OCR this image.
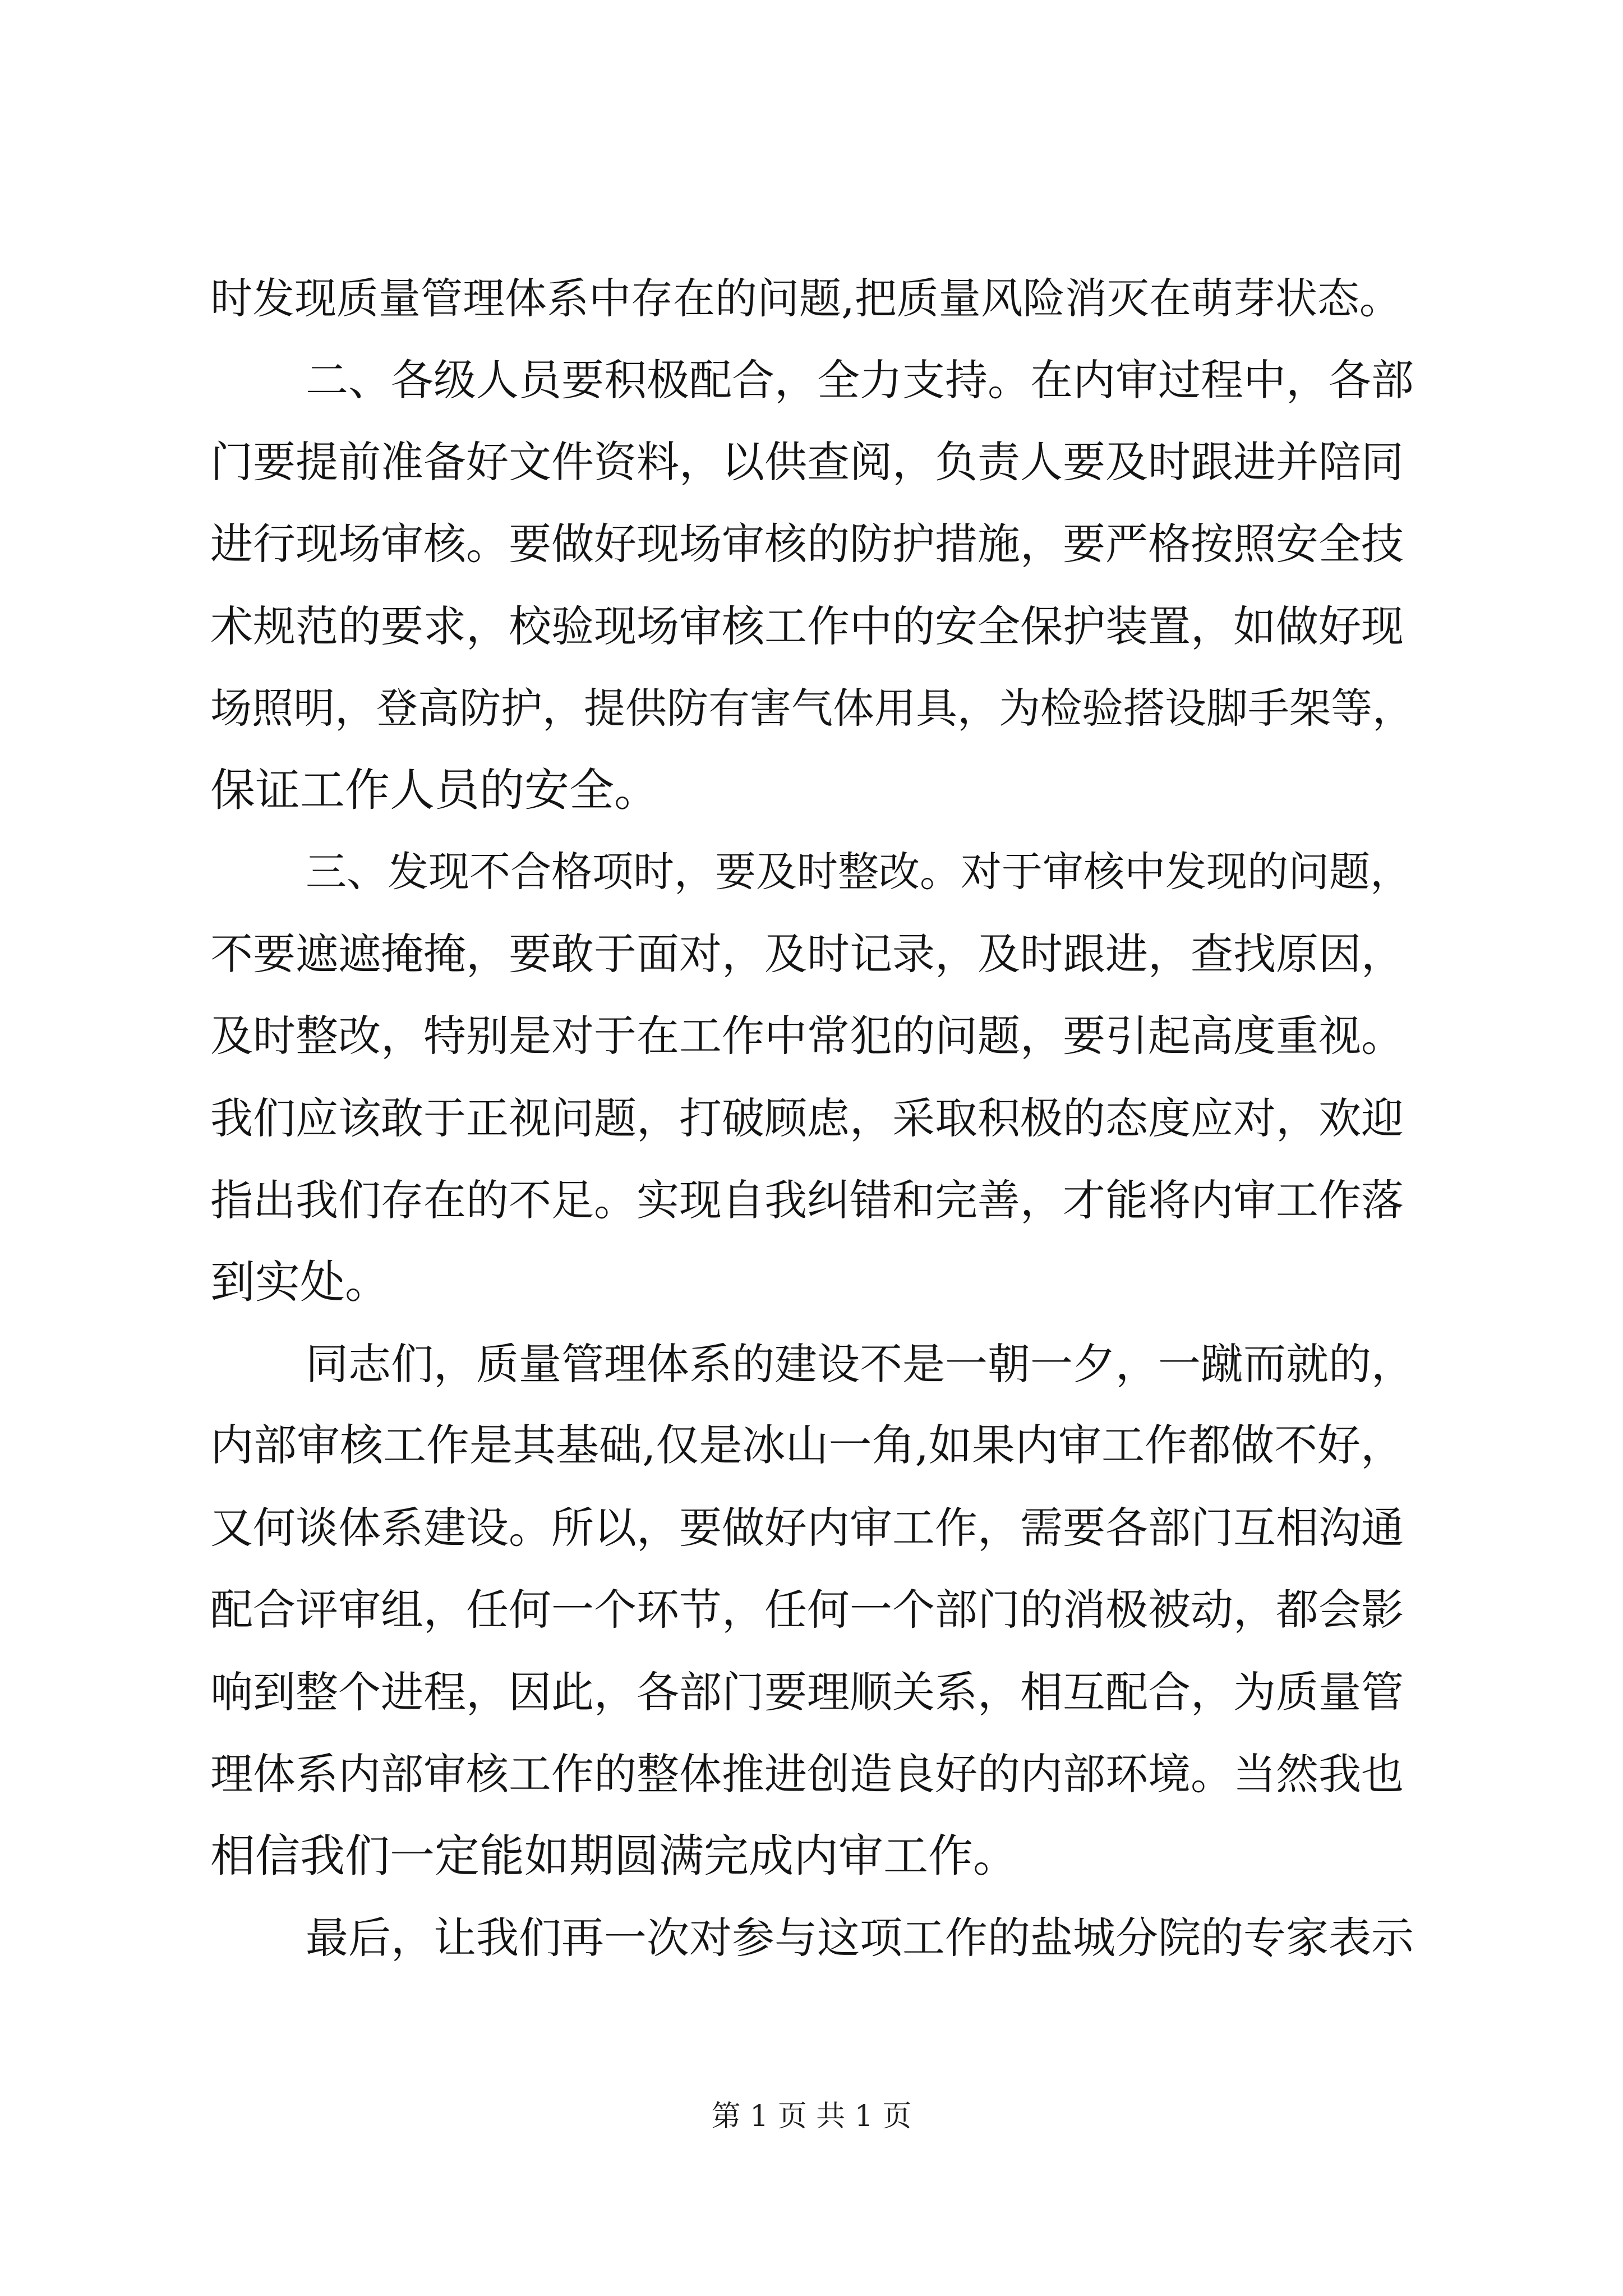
时发现质量管理体系中存在的问题,把质量风险消灭在萌芽状态。
二、各级人员要积极配合，全力支持。在内审过程中，各部
门要提前准备好文件资料，以供查阅，负责人要及时跟进并陪同
进行现场审核。要做好现场审核的防护措施，要严格按照安全技
术规范的要求，校验现场审核工作中的安全保护装置，如做好现
场照明，登高防护，提供防有害气体用具，为检验搭设脚手架等，
保证工作人员的安全。
三、发现不合格项时，要及时整改。对于审核中发现的问题，
不要遮遮掩掩，要敢于面对，及时记录，及时跟进，查找原因，
及时整改，特别是对于在工作中常犯的问题，要引起高度重视。
我们应该敢于正视问题，打破顾虑，采取积极的态度应对，欢迎
指出我们存在的不足。实现自我纠错和完善，才能将内审工作落
到实处。
同志们，质量管理体系的建设不是一朝一夕，一蹴而就的，
内部审核工作是其基础,仅是冰山一角,如果内审工作都做不好，
又何谈体系建设。所以，要做好内审工作，需要各部门互相沟通
配合评审组，任何一个环节，任何一个部门的消极被动，都会影
响到整个进程，因此，各部门要理顺关系，相互配合，为质量管
理体系内部审核工作的整体推进创造良好的内部环境。当然我也
相信我们一定能如期圆满完成内审工作。
最后，让我们再一次对参与这项工作的盐城分院的专家表示
第 1 页 共 1 页
